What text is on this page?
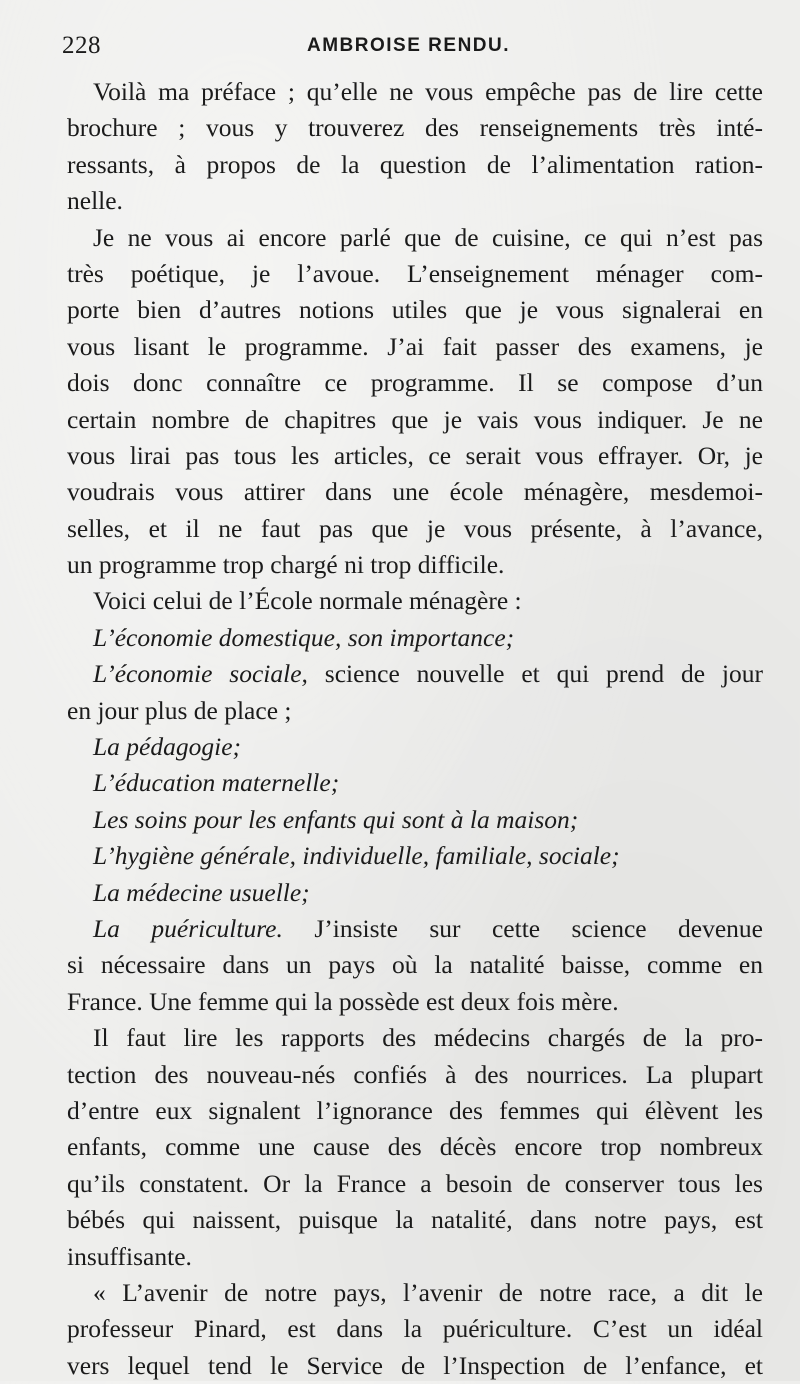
228	AMBROISE RENDU.
Voilà ma préface ; qu’elle ne vous empêche pas de lire cette
brochure ; vous y trouverez des renseignements très inté-
ressants, à propos de la question de l’alimentation ration-
nelle.
Je ne vous ai encore parlé que de cuisine, ce qui n’est pas
très poétique, je l’avoue. L’enseignement ménager com-
porte bien d’autres notions utiles que je vous signalerai en
vous lisant le programme. J’ai fait passer des examens, je
dois donc connaître ce programme. Il se compose d’un
certain nombre de chapitres que je vais vous indiquer. Je ne
vous lirai pas tous les articles, ce serait vous effrayer. Or, je
voudrais vous attirer dans une école ménagère, mesdemoi-
selles, et il ne faut pas que je vous présente, à l’avance,
un programme trop chargé ni trop difficile.
Voici celui de l’École normale ménagère :
L’économie domestique, son importance;
L’économie sociale, science nouvelle et qui prend de jour
en jour plus de place ;
La pédagogie;
L’éducation maternelle;
Les soins pour les enfants qui sont à la maison;
L’hygiène générale, individuelle, familiale, sociale;
La médecine usuelle;
La puériculture. J’insiste sur cette science devenue
si nécessaire dans un pays où la natalité baisse, comme en
France. Une femme qui la possède est deux fois mère.
Il faut lire les rapports des médecins chargés de la pro-
tection des nouveau-nés confiés à des nourrices. La plupart
d’entre eux signalent l’ignorance des femmes qui élèvent les
enfants, comme une cause des décès encore trop nombreux
qu’ils constatent. Or la France a besoin de conserver tous les
bébés qui naissent, puisque la natalité, dans notre pays, est
insuffisante.
« L’avenir de notre pays, l’avenir de notre race, a dit le
professeur Pinard, est dans la puériculture. C’est un idéal
vers lequel tend le Service de l’Inspection de l’enfance, et
